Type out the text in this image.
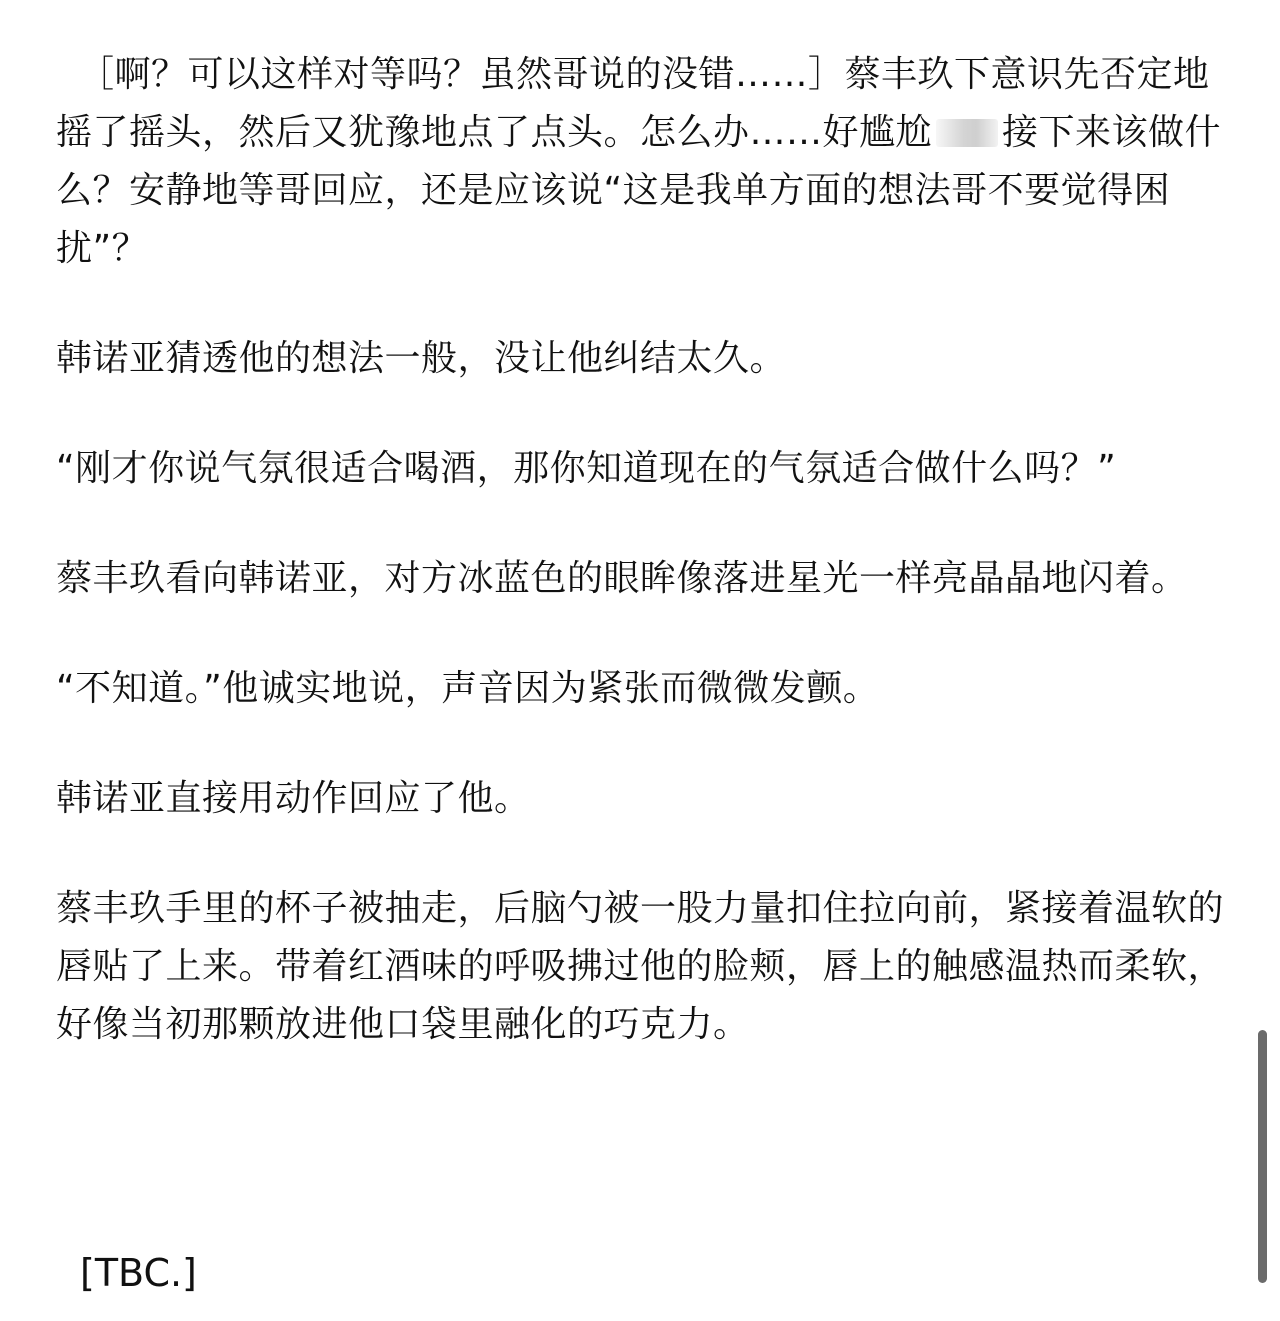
［啊？可以这样对等吗？虽然哥说的没错……］蔡丰玖下意识先否定地摇了摇头，然后又犹豫地点了点头。怎么办……好尴尬 接下来该做什么？安静地等哥回应，还是应该说“这是我单方面的想法哥不要觉得困扰”？

韩诺亚猜透他的想法一般，没让他纠结太久。

“刚才你说气氛很适合喝酒，那你知道现在的气氛适合做什么吗？”

蔡丰玖看向韩诺亚，对方冰蓝色的眼眸像落进星光一样亮晶晶地闪着。

“不知道。”他诚实地说，声音因为紧张而微微发颤。

韩诺亚直接用动作回应了他。

蔡丰玖手里的杯子被抽走，后脑勺被一股力量扣住拉向前，紧接着温软的唇贴了上来。带着红酒味的呼吸拂过他的脸颊，唇上的触感温热而柔软，好像当初那颗放进他口袋里融化的巧克力。

[TBC.]
